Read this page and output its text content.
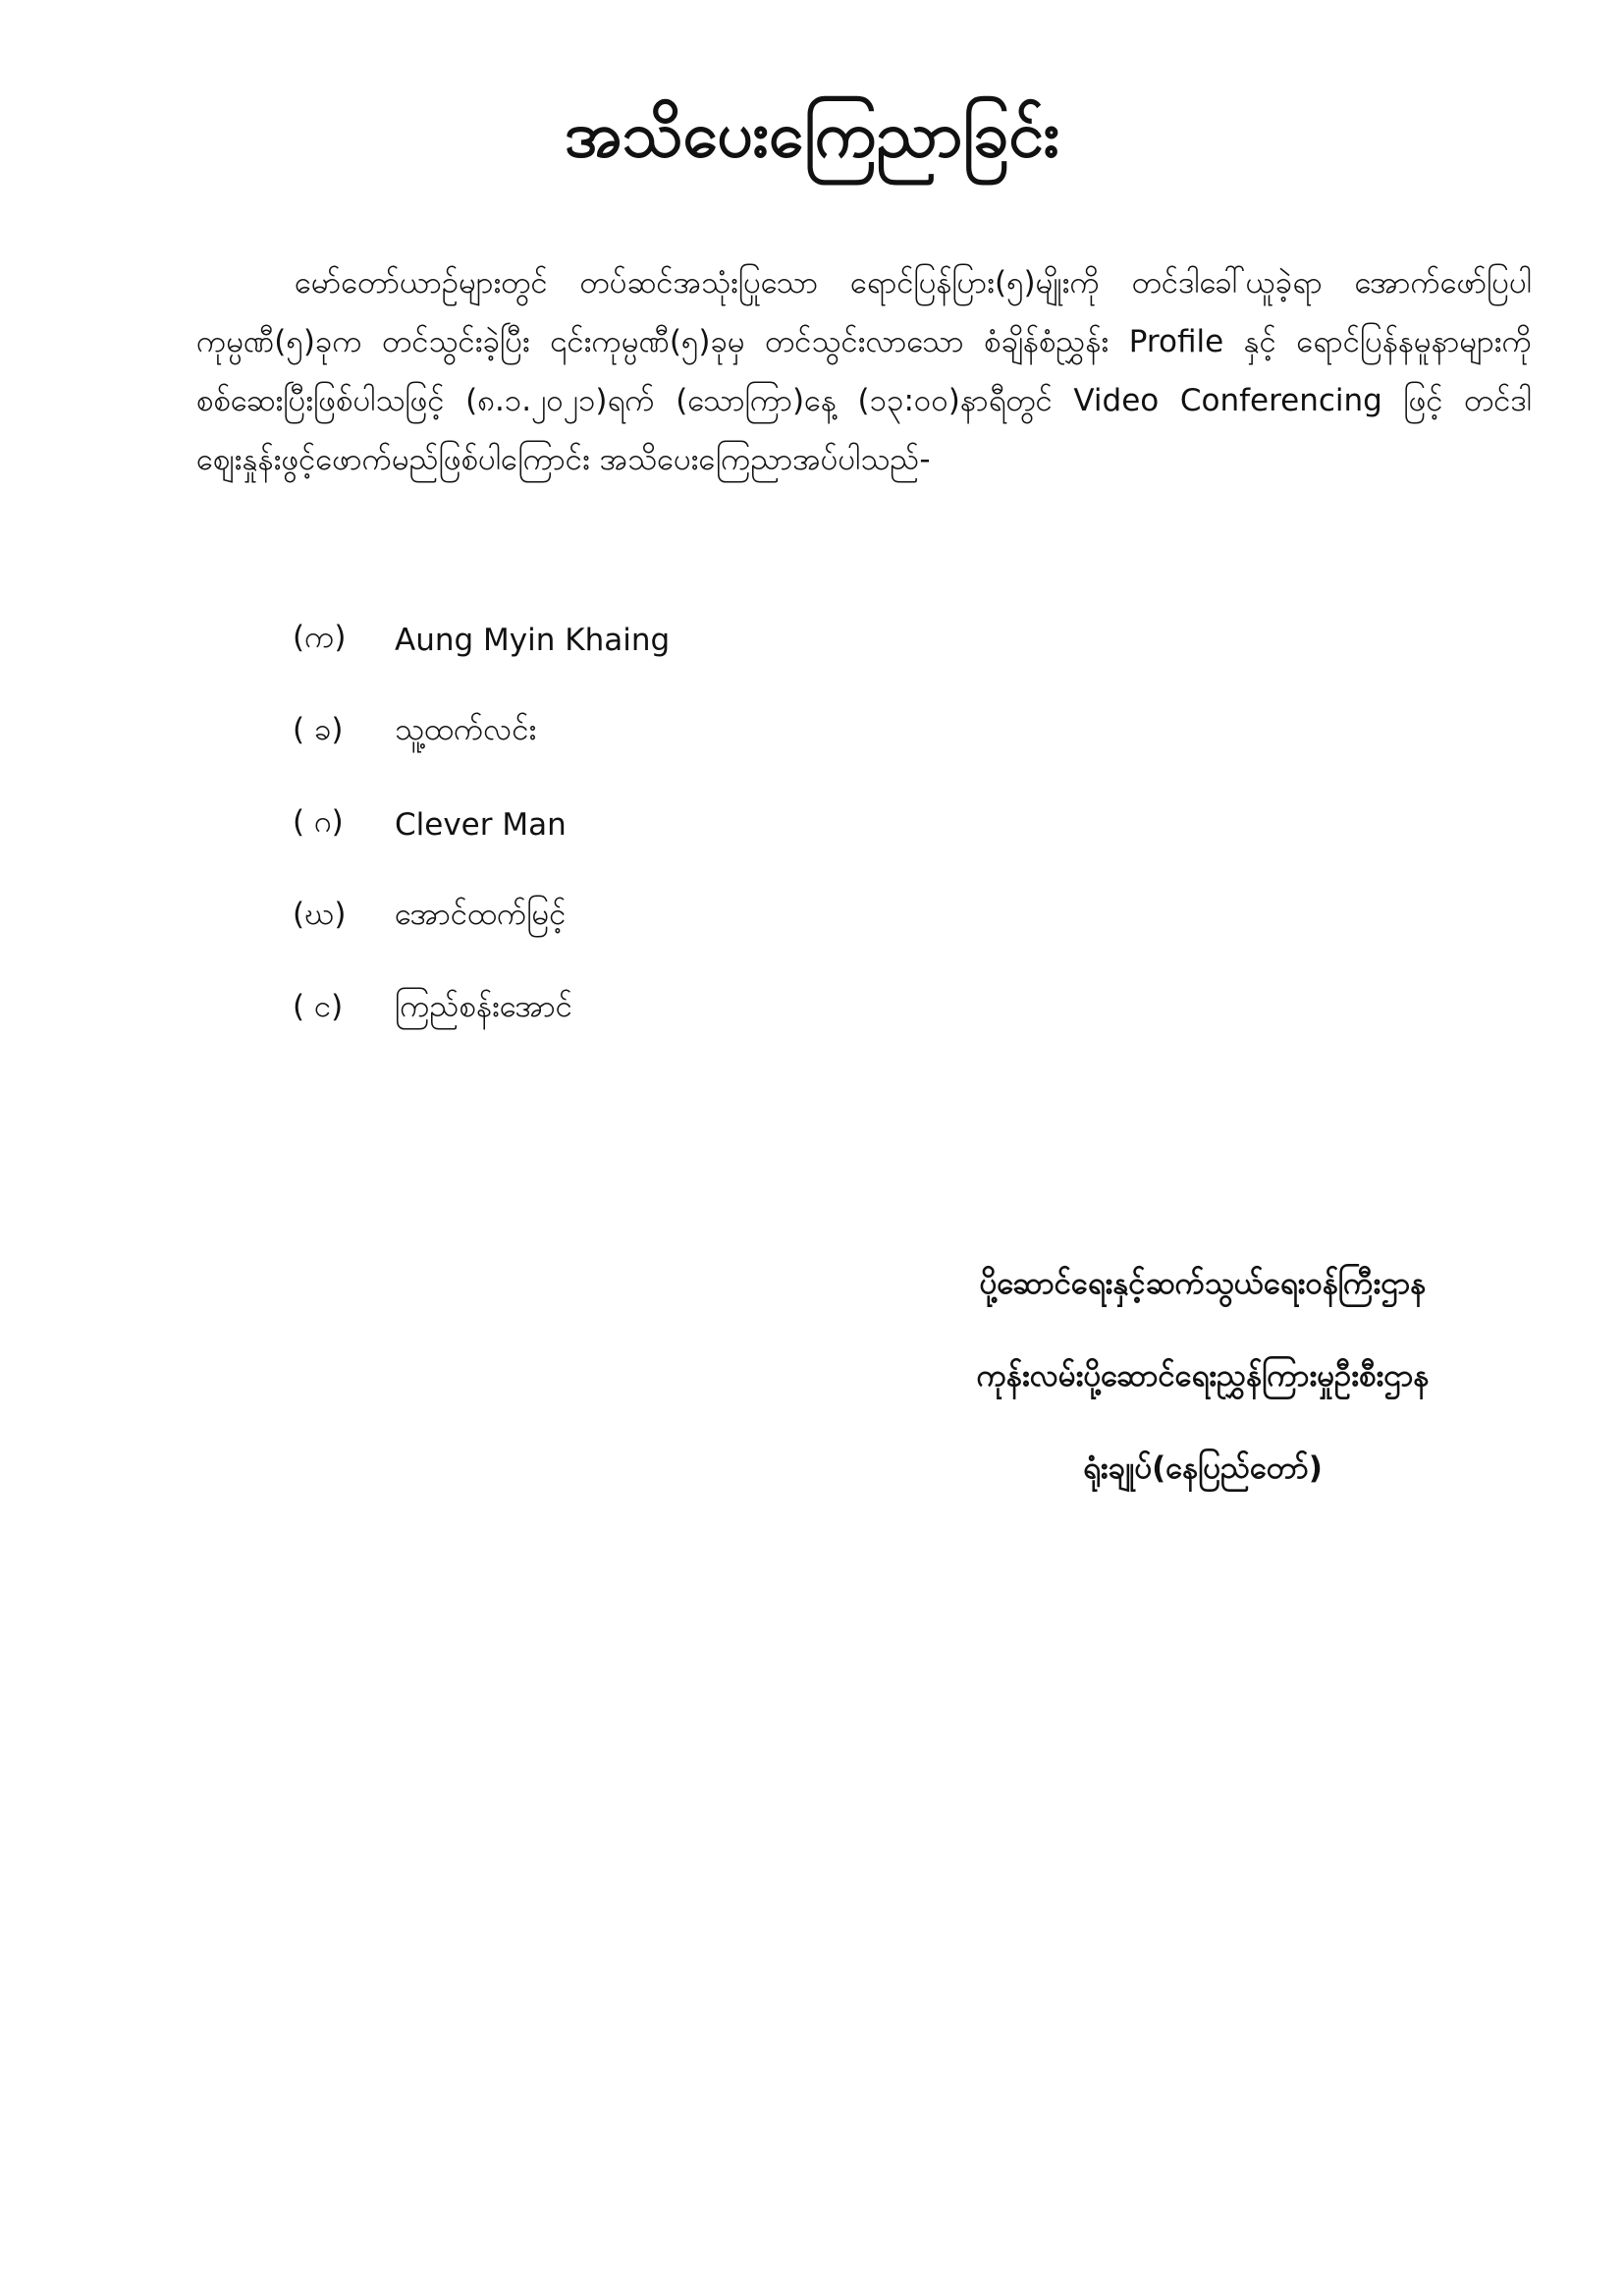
အသိပေးကြေညာခြင်း

မော်တော်ယာဉ်များတွင် တပ်ဆင်အသုံးပြုသော ရောင်ပြန်ပြား(၅)မျိုးကို တင်ဒါခေါ်ယူခဲ့ရာ အောက်ဖော်ပြပါကုမ္ပဏီ(၅)ခုက တင်သွင်းခဲ့ပြီး ၎င်းကုမ္ပဏီ(၅)ခုမှ တင်သွင်းလာသော စံချိန်စံညွှန်း Profile နှင့် ရောင်ပြန်နမူနာများကို စစ်ဆေးပြီးဖြစ်ပါသဖြင့် (၈.၁.၂၀၂၁)ရက် (သောကြာ)နေ့ (၁၃:၀၀)နာရီတွင် Video Conferencing ဖြင့် တင်ဒါဈေးနှုန်းဖွင့်ဖောက်မည်ဖြစ်ပါကြောင်း အသိပေးကြေညာအပ်ပါသည်-

(က)	Aung Myin Khaing
( ခ)	သူ့ထက်လင်း
( ဂ)	Clever Man
(ဃ)	အောင်ထက်မြင့်
( င)	ကြည်စန်းအောင်
ပို့ဆောင်ရေးနှင့်ဆက်သွယ်ရေးဝန်ကြီးဌာန
ကုန်းလမ်းပို့ဆောင်ရေးညွှန်ကြားမှုဦးစီးဌာန
ရုံးချုပ်(နေပြည်တော်)
